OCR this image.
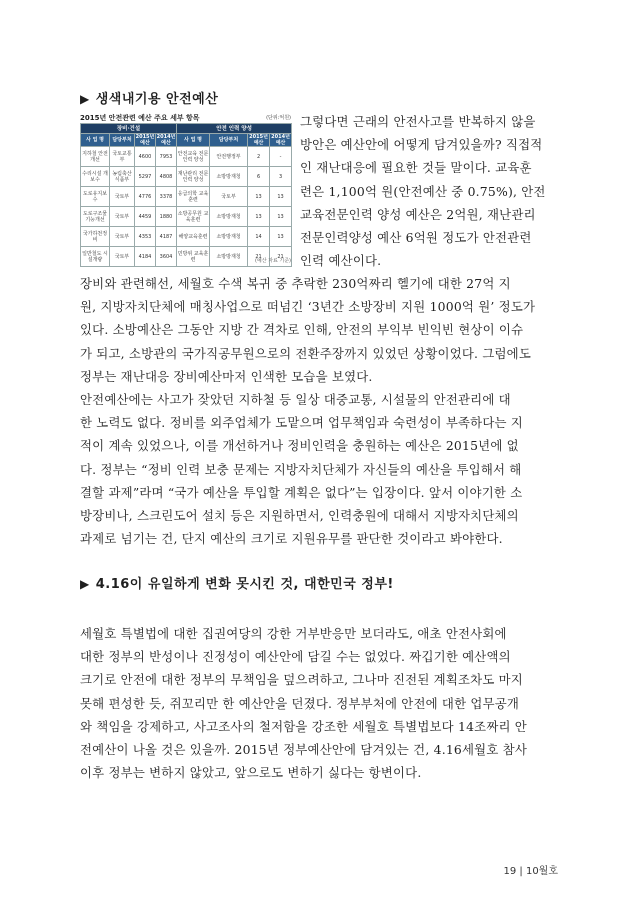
▶ 생색내기용 안전예산
2015년 안전관련 예산 주요 세부 항목	(단위:억원)
장비·건설				안전 인력 양성			
사 업 명	담당부처	2015년 예산	2014년 예산	사 업 명	담당부처	2015년 예산	2014년 예산
지하철 안전개선	국토교통부	4600	7953	안전교육 전문인력 양성	안전행정부	2	-
수리시설 개보수	농림축산식품부	5297	4808	재난관리 전문인력 양성	소방방재청	6	3
도로유지보수	국토부	4776	3378	응급의학 교육훈련	국토부	13	13
도로구조물 기능개선	국토부	4459	1880	소방공무원 교육훈련	소방방재청	13	13
국가하천정비	국토부	4353	4187	해양교육훈련	소방방재청	14	13
일반철도 시설개량	국토부	4184	3604	민방위 교육훈련	소방방재청	21	21
(예산 자료 기준)
그렇다면 근래의 안전사고를 반복하지 않을
방안은 예산안에 어떻게 담겨있을까? 직접적
인 재난대응에 필요한 것들 말이다. 교육훈
련은 1,100억 원(안전예산 중 0.75%), 안전
교육전문인력 양성 예산은 2억원, 재난관리
전문인력양성 예산 6억원 정도가 안전관련
인력 예산이다.
장비와 관련해선, 세월호 수색 복귀 중 추락한 230억짜리 헬기에 대한 27억 지
원, 지방자치단체에 매칭사업으로 떠넘긴 ‘3년간 소방장비 지원 1000억 원’ 정도가
있다. 소방예산은 그동안 지방 간 격차로 인해, 안전의 부익부 빈익빈 현상이 이슈
가 되고, 소방관의 국가직공무원으로의 전환주장까지 있었던 상황이었다. 그럼에도
정부는 재난대응 장비예산마저 인색한 모습을 보였다.
안전예산에는 사고가 잦았던 지하철 등 일상 대중교통, 시설물의 안전관리에 대
한 노력도 없다. 정비를 외주업체가 도맡으며 업무책임과 숙련성이 부족하다는 지
적이 계속 있었으나, 이를 개선하거나 정비인력을 충원하는 예산은 2015년에 없
다. 정부는 “정비 인력 보충 문제는 지방자치단체가 자신들의 예산을 투입해서 해
결할 과제”라며 “국가 예산을 투입할 계획은 없다”는 입장이다. 앞서 이야기한 소
방장비나, 스크린도어 설치 등은 지원하면서, 인력충원에 대해서 지방자치단체의
과제로 넘기는 건, 단지 예산의 크기로 지원유무를 판단한 것이라고 봐야한다.
▶ 4.16이 유일하게 변화 못시킨 것, 대한민국 정부!
세월호 특별법에 대한 집권여당의 강한 거부반응만 보더라도, 애초 안전사회에
대한 정부의 반성이나 진정성이 예산안에 담길 수는 없었다. 짜깁기한 예산액의
크기로 안전에 대한 정부의 무책임을 덮으려하고, 그나마 진전된 계획조차도 마지
못해 편성한 듯, 쥐꼬리만 한 예산안을 던졌다. 정부부처에 안전에 대한 업무공개
와 책임을 강제하고, 사고조사의 철저함을 강조한 세월호 특별법보다 14조짜리 안
전예산이 나올 것은 있을까. 2015년 정부예산안에 담겨있는 건, 4.16세월호 참사
이후 정부는 변하지 않았고, 앞으로도 변하기 싫다는 항변이다.
19 | 10월호
